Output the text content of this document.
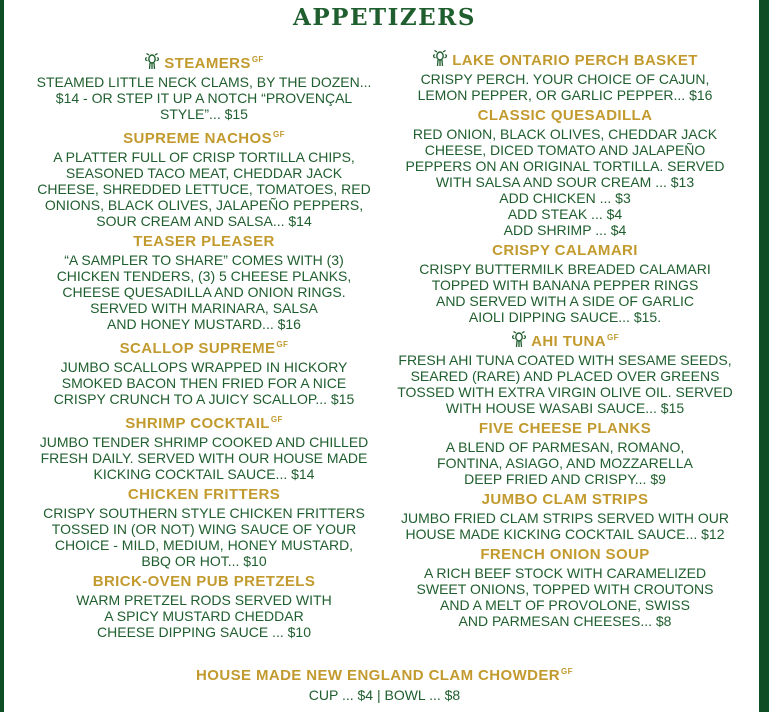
APPETIZERS
$STEAMERS^{GF}$
STEAMED LITTLE NECK CLAMS, BY THE DOZEN...
$14 - OR STEP IT UP A NOTCH “PROVENÇAL
STYLE”... $15
SUPREME $NACHOS^{GF}$
A PLATTER FULL OF CRISP TORTILLA CHIPS,
SEASONED TACO MEAT, CHEDDAR JACK
CHEESE, SHREDDED LETTUCE, TOMATOES, RED
ONIONS, BLACK OLIVES, JALAPEÑO PEPPERS,
SOUR CREAM AND SALSA... $14
TEASER PLEASER
“A SAMPLER TO SHARE” COMES WITH (3)
CHICKEN TENDERS, (3) 5 CHEESE PLANKS,
CHEESE QUESADILLA AND ONION RINGS.
SERVED WITH MARINARA, SALSA
AND HONEY MUSTARD... $16
SCALLOP $SUPREME^{GF}$
JUMBO SCALLOPS WRAPPED IN HICKORY
SMOKED BACON THEN FRIED FOR A NICE
CRISPY CRUNCH TO A JUICY SCALLOP... $15
SHRIMP $COCKTAIL^{GF}$
JUMBO TENDER SHRIMP COOKED AND CHILLED
FRESH DAILY. SERVED WITH OUR HOUSE MADE
KICKING COCKTAIL SAUCE... $14
CHICKEN FRITTERS
CRISPY SOUTHERN STYLE CHICKEN FRITTERS
TOSSED IN (OR NOT) WING SAUCE OF YOUR
CHOICE - MILD, MEDIUM, HONEY MUSTARD,
BBQ OR HOT... $10
BRICK-OVEN PUB PRETZELS
WARM PRETZEL RODS SERVED WITH
A SPICY MUSTARD CHEDDAR
CHEESE DIPPING SAUCE ... $10
LAKE ONTARIO PERCH BASKET
CRISPY PERCH. YOUR CHOICE OF CAJUN,
LEMON PEPPER, OR GARLIC PEPPER... $16
CLASSIC QUESADILLA
RED ONION, BLACK OLIVES, CHEDDAR JACK
CHEESE, DICED TOMATO AND JALAPEÑO
PEPPERS ON AN ORIGINAL TORTILLA. SERVED
WITH SALSA AND SOUR CREAM ... $13
ADD CHICKEN ... $3
ADD STEAK ... $4
ADD SHRIMP ... $4
CRISPY CALAMARI
CRISPY BUTTERMILK BREADED CALAMARI
TOPPED WITH BANANA PEPPER RINGS
AND SERVED WITH A SIDE OF GARLIC
AIOLI DIPPING SAUCE... $15.
AHI $TUNA^{GF}$
FRESH AHI TUNA COATED WITH SESAME SEEDS,
SEARED (RARE) AND PLACED OVER GREENS
TOSSED WITH EXTRA VIRGIN OLIVE OIL. SERVED
WITH HOUSE WASABI SAUCE... $15
FIVE CHEESE PLANKS
A BLEND OF PARMESAN, ROMANO,
FONTINA, ASIAGO, AND MOZZARELLA
DEEP FRIED AND CRISPY... $9
JUMBO CLAM STRIPS
JUMBO FRIED CLAM STRIPS SERVED WITH OUR
HOUSE MADE KICKING COCKTAIL SAUCE... $12
FRENCH ONION SOUP
A RICH BEEF STOCK WITH CARAMELIZED
SWEET ONIONS, TOPPED WITH CROUTONS
AND A MELT OF PROVOLONE, SWISS
AND PARMESAN CHEESES... $8
HOUSE MADE NEW ENGLAND CLAM $CHOWDER^{GF}$
CUP ... $4 | BOWL ... $8
